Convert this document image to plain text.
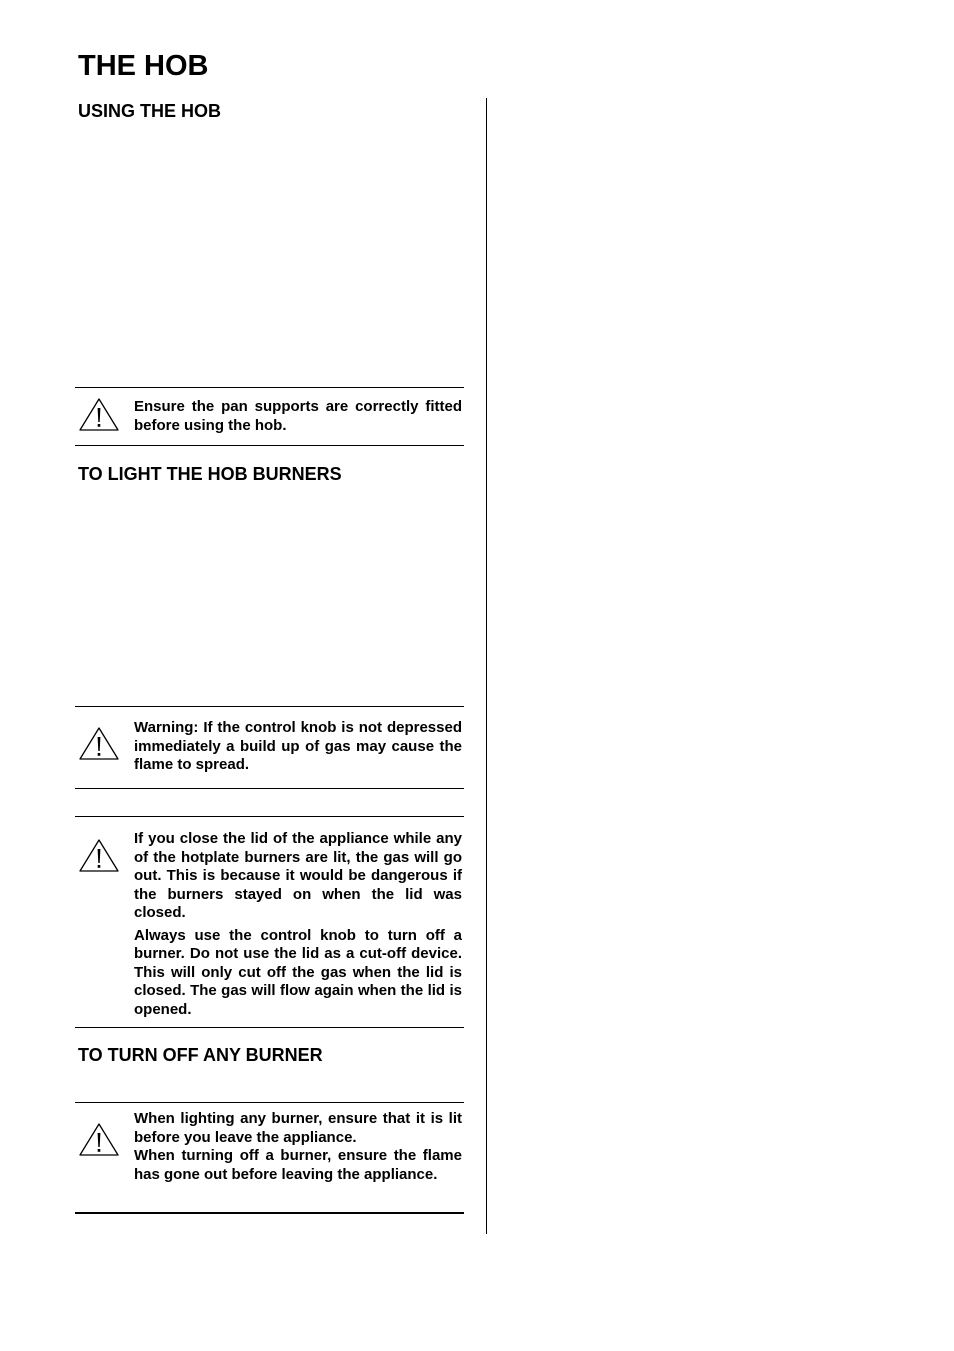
THE HOB
USING THE HOB

Ensure the pan supports are correctly fitted before using the hob.

TO LIGHT THE HOB BURNERS

Warning: If the control knob is not depressed immediately a build up of gas may cause the flame to spread.

If you close the lid of the appliance while any of the hotplate burners are lit, the gas will go out. This is because it would be dangerous if the burners stayed on when the lid was closed.

Always use the control knob to turn off a burner. Do not use the lid as a cut-off device. This will only cut off the gas when the lid is closed. The gas will flow again when the lid is opened.

TO TURN OFF ANY BURNER

When lighting any burner, ensure that it is lit before you leave the appliance.

When turning off a burner, ensure the flame has gone out before leaving the appliance.
